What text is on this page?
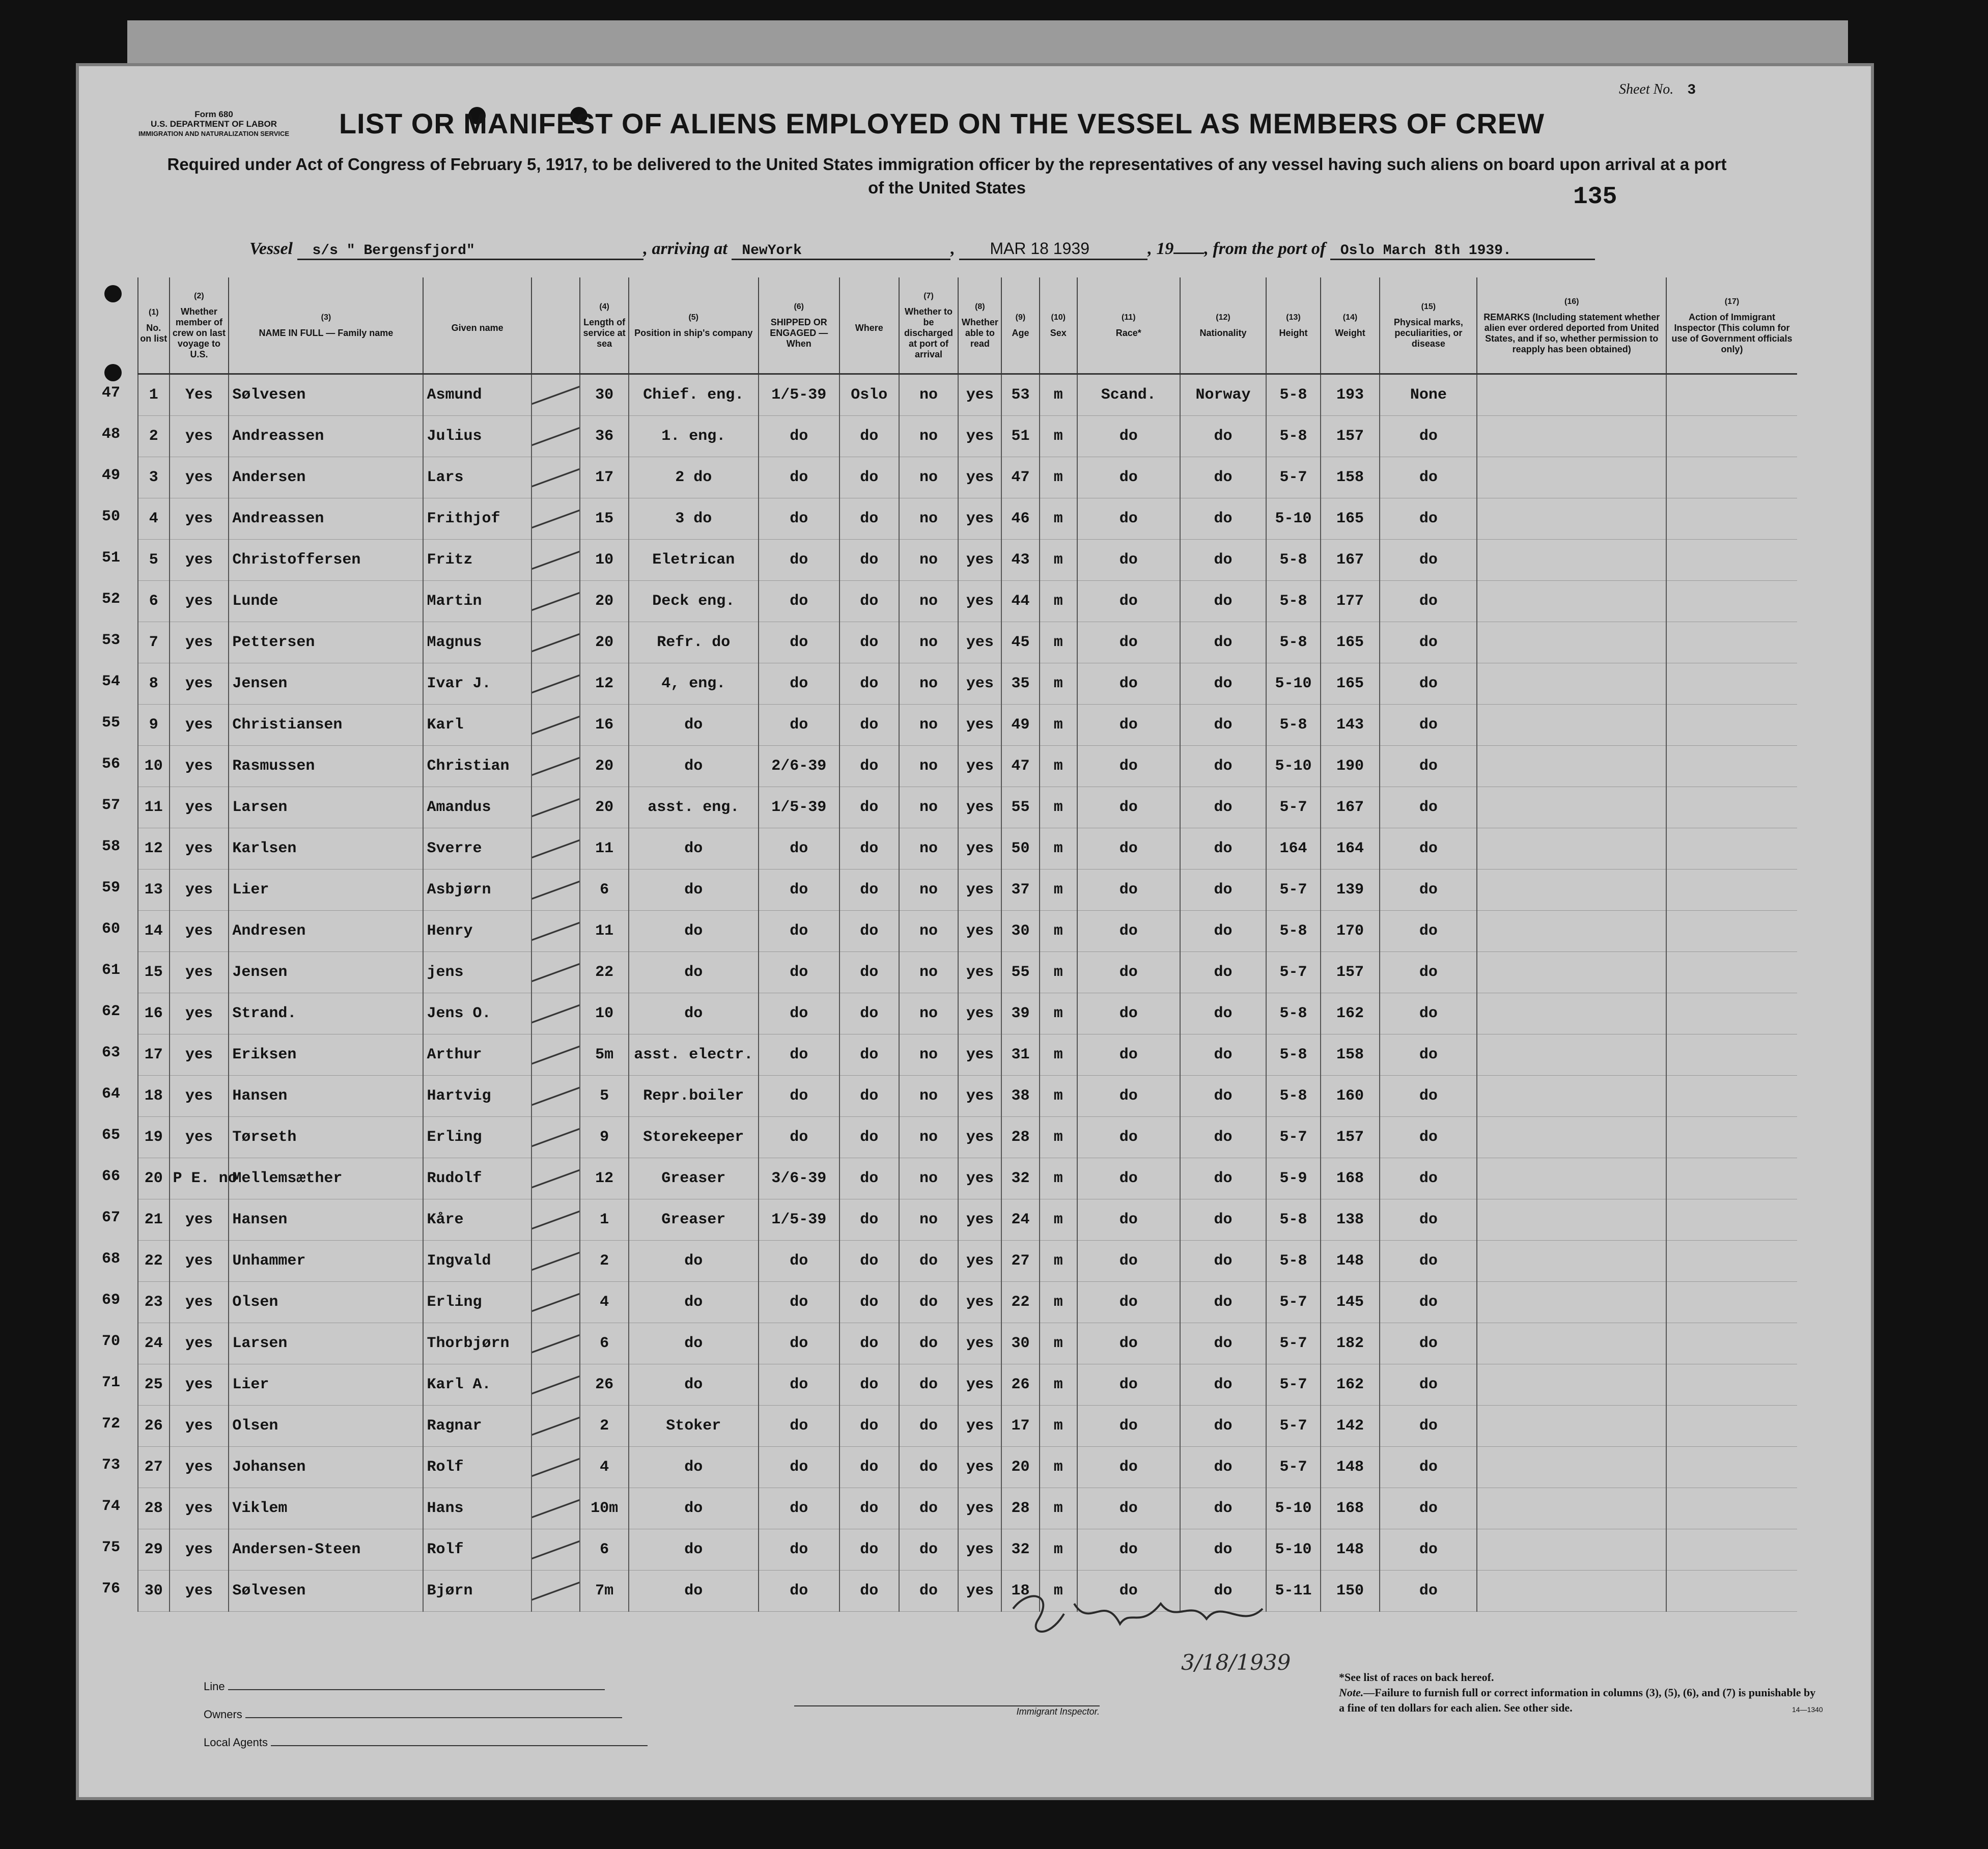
Form 680
U.S. DEPARTMENT OF LABOR
IMMIGRATION AND NATURALIZATION SERVICE
Sheet No. 3
LIST OR MANIFEST OF ALIENS EMPLOYED ON THE VESSEL AS MEMBERS OF CREW
Required under Act of Congress of February 5, 1917, to be delivered to the United States immigration officer by the representatives of any vessel having such aliens on board upon arrival at a port of the United States	135
Vessel s/s " Bergensfjord"	, arriving at NewYork	, MAR 18 1939	, 19 , from the port of Oslo March 8th 1939.
(1)
No. on list	(2)
Whether member of crew on last voyage to U.S.	(3)
NAME IN FULL — Family name	Given name		(4)
Length of service at sea	(5)
Position in ship's company	(6)
SHIPPED OR ENGAGED — When	Where	(7)
Whether to be discharged at port of arrival	(8)
Whether able to read	(9)
Age	(10)
Sex	(11)
Race*	(12)
Nationality	(13)
Height	(14)
Weight	(15)
Physical marks, peculiarities, or disease	(16)
REMARKS (Including statement whether alien ever ordered deported from United States, and if so, whether permission to reapply has been obtained)	(17)
Action of Immigrant Inspector (This column for use of Government officials only)
1	Yes	Sølvesen	Asmund		30	Chief. eng.	1/5-39	Oslo	no	yes	53	m	Scand.	Norway	5-8	193	None		
2	yes	Andreassen	Julius		36	1. eng.	do	do	no	yes	51	m	do	do	5-8	157	do		
3	yes	Andersen	Lars		17	2 do	do	do	no	yes	47	m	do	do	5-7	158	do		
4	yes	Andreassen	Frithjof		15	3 do	do	do	no	yes	46	m	do	do	5-10	165	do		
5	yes	Christoffersen	Fritz		10	Eletrican	do	do	no	yes	43	m	do	do	5-8	167	do		
6	yes	Lunde	Martin		20	Deck eng.	do	do	no	yes	44	m	do	do	5-8	177	do		
7	yes	Pettersen	Magnus		20	Refr. do	do	do	no	yes	45	m	do	do	5-8	165	do		
8	yes	Jensen	Ivar J.		12	4, eng.	do	do	no	yes	35	m	do	do	5-10	165	do		
9	yes	Christiansen	Karl		16	do	do	do	no	yes	49	m	do	do	5-8	143	do		
10	yes	Rasmussen	Christian		20	do	2/6-39	do	no	yes	47	m	do	do	5-10	190	do		
11	yes	Larsen	Amandus		20	asst. eng.	1/5-39	do	no	yes	55	m	do	do	5-7	167	do		
12	yes	Karlsen	Sverre		11	do	do	do	no	yes	50	m	do	do	164	164	do		
13	yes	Lier	Asbjørn		6	do	do	do	no	yes	37	m	do	do	5-7	139	do		
14	yes	Andresen	Henry		11	do	do	do	no	yes	30	m	do	do	5-8	170	do		
15	yes	Jensen	jens		22	do	do	do	no	yes	55	m	do	do	5-7	157	do		
16	yes	Strand.	Jens O.		10	do	do	do	no	yes	39	m	do	do	5-8	162	do		
17	yes	Eriksen	Arthur		5m	asst. electr.	do	do	no	yes	31	m	do	do	5-8	158	do		
18	yes	Hansen	Hartvig		5	Repr.boiler	do	do	no	yes	38	m	do	do	5-8	160	do		
19	yes	Tørseth	Erling		9	Storekeeper	do	do	no	yes	28	m	do	do	5-7	157	do		
20	P E. no	Mellemsæther	Rudolf		12	Greaser	3/6-39	do	no	yes	32	m	do	do	5-9	168	do		
21	yes	Hansen	Kåre		1	Greaser	1/5-39	do	no	yes	24	m	do	do	5-8	138	do		
22	yes	Unhammer	Ingvald		2	do	do	do	do	yes	27	m	do	do	5-8	148	do		
23	yes	Olsen	Erling		4	do	do	do	do	yes	22	m	do	do	5-7	145	do		
24	yes	Larsen	Thorbjørn		6	do	do	do	do	yes	30	m	do	do	5-7	182	do		
25	yes	Lier	Karl A.		26	do	do	do	do	yes	26	m	do	do	5-7	162	do		
26	yes	Olsen	Ragnar		2	Stoker	do	do	do	yes	17	m	do	do	5-7	142	do		
27	yes	Johansen	Rolf		4	do	do	do	do	yes	20	m	do	do	5-7	148	do		
28	yes	Viklem	Hans		10m	do	do	do	do	yes	28	m	do	do	5-10	168	do		
29	yes	Andersen-Steen	Rolf		6	do	do	do	do	yes	32	m	do	do	5-10	148	do		
30	yes	Sølvesen	Bjørn		7m	do	do	do	do	yes	18	m	do	do	5-11	150	do		
47
48
49
50
51
52
53
54
55
56
57
58
59
60
61
62
63
64
65
66
67
68
69
70
71
72
73
74
75
76
3/18/1939
E J Mayborther Insp
Line
Owners
Local Agents
Immigrant Inspector.
*See list of races on back hereof.
Note.—Failure to furnish full or correct information in columns (3), (5), (6), and (7) is punishable by a fine of ten dollars for each alien. See other side.	14—1340
